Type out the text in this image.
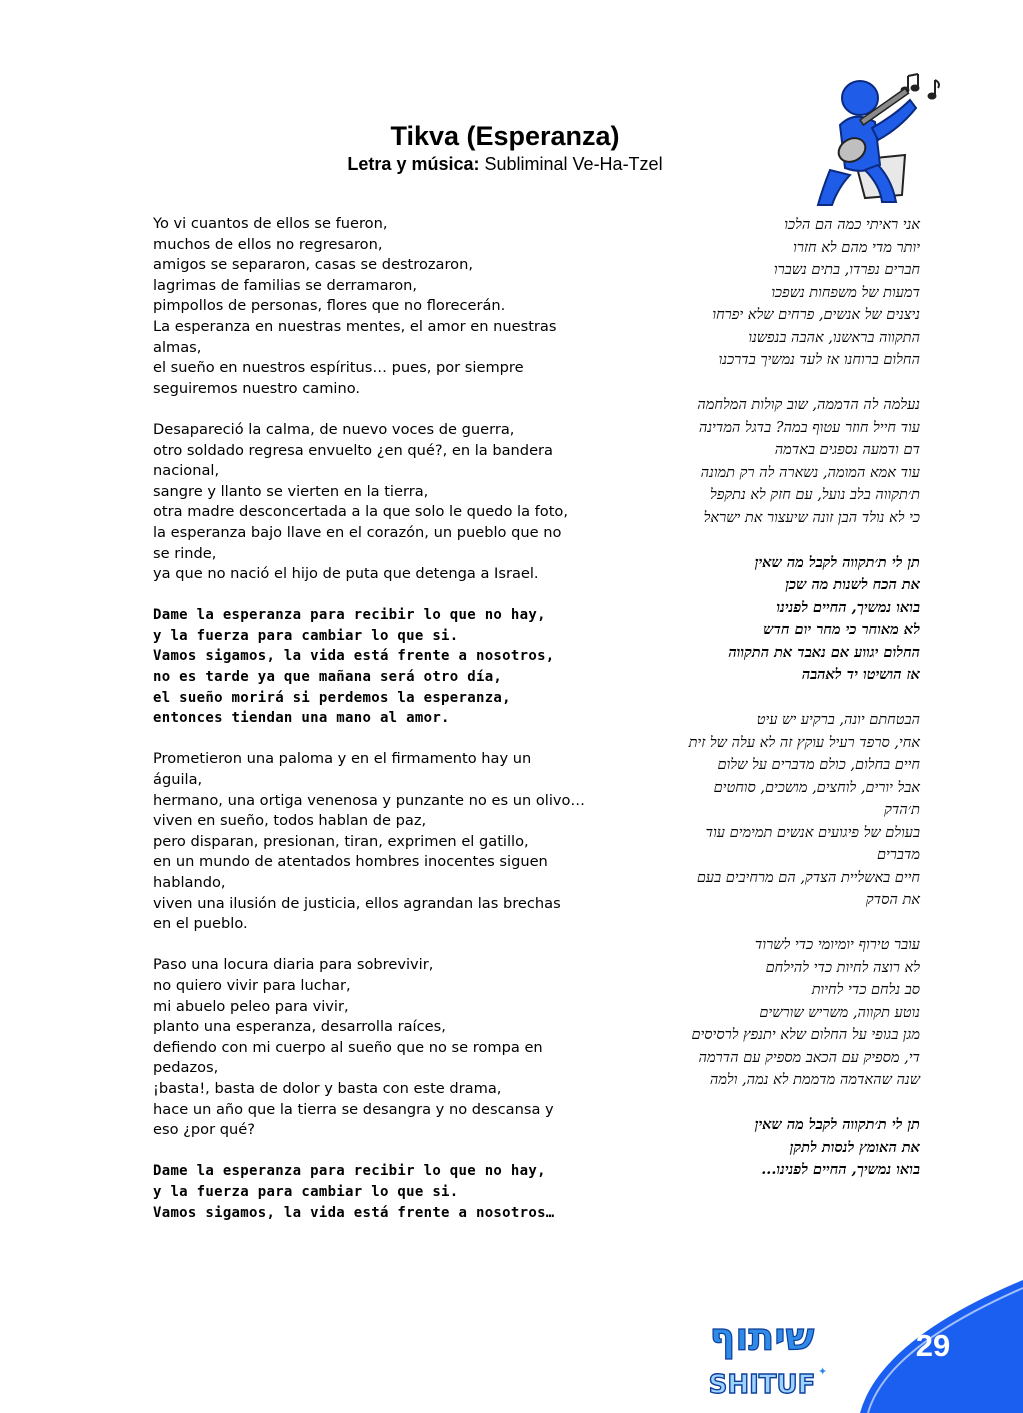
Tikva (Esperanza)
Letra y música: Subliminal Ve-Ha-Tzel
Yo vi cuantos de ellos se fueron,
muchos de ellos no regresaron,
amigos se separaron, casas se destrozaron,
lagrimas de familias se derramaron,
pimpollos de personas, flores que no florecerán.
La esperanza en nuestras mentes, el amor en nuestras
almas,
el sueño en nuestros espíritus… pues, por siempre
seguiremos nuestro camino.
Desapareció la calma, de nuevo voces de guerra,
otro soldado regresa envuelto ¿en qué?, en la bandera
nacional,
sangre y llanto se vierten en la tierra,
otra madre desconcertada a la que solo le quedo la foto,
la esperanza bajo llave en el corazón, un pueblo que no
se rinde,
ya que no nació el hijo de puta que detenga a Israel.
Dame la esperanza para recibir lo que no hay,
y la fuerza para cambiar lo que si.
Vamos sigamos, la vida está frente a nosotros,
no es tarde ya que mañana será otro día,
el sueño morirá si perdemos la esperanza,
entonces tiendan una mano al amor.
Prometieron una paloma y en el firmamento hay un
águila,
hermano, una ortiga venenosa y punzante no es un olivo…
viven en sueño, todos hablan de paz,
pero disparan, presionan, tiran, exprimen el gatillo,
en un mundo de atentados hombres inocentes siguen
hablando,
viven una ilusión de justicia, ellos agrandan las brechas
en el pueblo.
Paso una locura diaria para sobrevivir,
no quiero vivir para luchar,
mi abuelo peleo para vivir,
planto una esperanza, desarrolla raíces,
defiendo con mi cuerpo al sueño que no se rompa en
pedazos,
¡basta!, basta de dolor y basta con este drama,
hace un año que la tierra se desangra y no descansa y
eso ¿por qué?
Dame la esperanza para recibir lo que no hay,
y la fuerza para cambiar lo que si.
Vamos sigamos, la vida está frente a nosotros…
אני ראיתי כמה הם הלכו
יותר מדי מהם לא חזרו
חברים נפרדו, בתים נשברו
דמעות של משפחות נשפכו
ניצנים של אנשים, פרחים שלא יפרחו
התקווה בראשנו, אהבה בנפשנו
החלום ברוחנו אז לעד נמשיך בדרכנו
נעלמה לה הדממה, שוב קולות המלחמה
עוד חייל חוזר עטוף במה? בדגל המדינה
דם ודמעה נספגים באדמה
עוד אמא המומה, נשארה לה רק תמונה
ת׳תקווה בלב נועל, עם חזק לא נתקפל
כי לא נולד הבן זונה שיעצור את ישראל
תן לי ת׳תקווה לקבל מה שאין
את הכח לשנות מה שכן
בואו נמשיך, החיים לפנינו
לא מאוחר כי מחר יום חדש
החלום יגווע אם נאבד את התקווה
אז הושיטו יד לאהבה
הבטחתם יונה, ברקיע יש עיט
אחי, סרפד רעיל עוקץ זה לא עלה של זית
חיים בחלום, כולם מדברים על שלום
אבל יורים, לוחצים, מושכים, סוחטים
ת׳הדק
בעולם של פיגועים אנשים תמימים עוד
מדברים
חיים באשליית הצדק, הם מרחיבים בעם
את הסדק
עובר טירוף יומיומי כדי לשרוד
לא רוצה לחיות כדי להילחם
סב נלחם כדי לחיות
נוטע תקווה, משריש שורשים
מגן בגופי על החלום שלא יתנפץ לרסיסים
די, מספיק עם הכאב מספיק עם הדרמה
שנה שהאדמה מדממת לא נמה, ולמה
תן לי ת׳תקווה לקבל מה שאין
את האומץ לנסות לתקן
בואו נמשיך, החיים לפנינו...
שיתוף
SHITUF ✦
29
